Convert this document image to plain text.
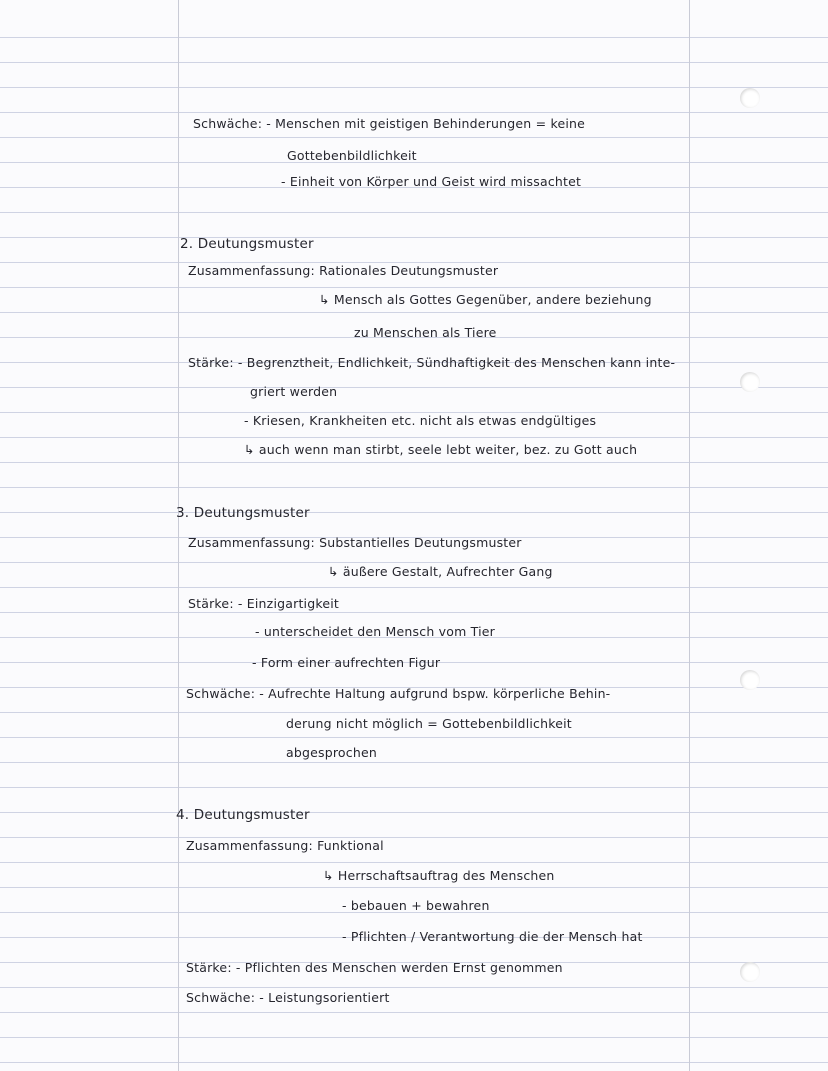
Schwäche: - Menschen mit geistigen Behinderungen = keine
Gottebenbildlichkeit
- Einheit von Körper und Geist wird missachtet
2. Deutungsmuster
Zusammenfassung: Rationales Deutungsmuster
↳ Mensch als Gottes Gegenüber, andere beziehung
zu Menschen als Tiere
Stärke: - Begrenztheit, Endlichkeit, Sündhaftigkeit des Menschen kann inte-
griert werden
- Kriesen, Krankheiten etc. nicht als etwas endgültiges
↳ auch wenn man stirbt, seele lebt weiter, bez. zu Gott auch
3. Deutungsmuster
Zusammenfassung: Substantielles Deutungsmuster
↳ äußere Gestalt, Aufrechter Gang
Stärke: - Einzigartigkeit
- unterscheidet den Mensch vom Tier
- Form einer aufrechten Figur
Schwäche: - Aufrechte Haltung aufgrund bspw. körperliche Behin-
derung nicht möglich = Gottebenbildlichkeit
abgesprochen
4. Deutungsmuster
Zusammenfassung: Funktional
↳ Herrschaftsauftrag des Menschen
- bebauen + bewahren
- Pflichten / Verantwortung die der Mensch hat
Stärke: - Pflichten des Menschen werden Ernst genommen
Schwäche: - Leistungsorientiert
